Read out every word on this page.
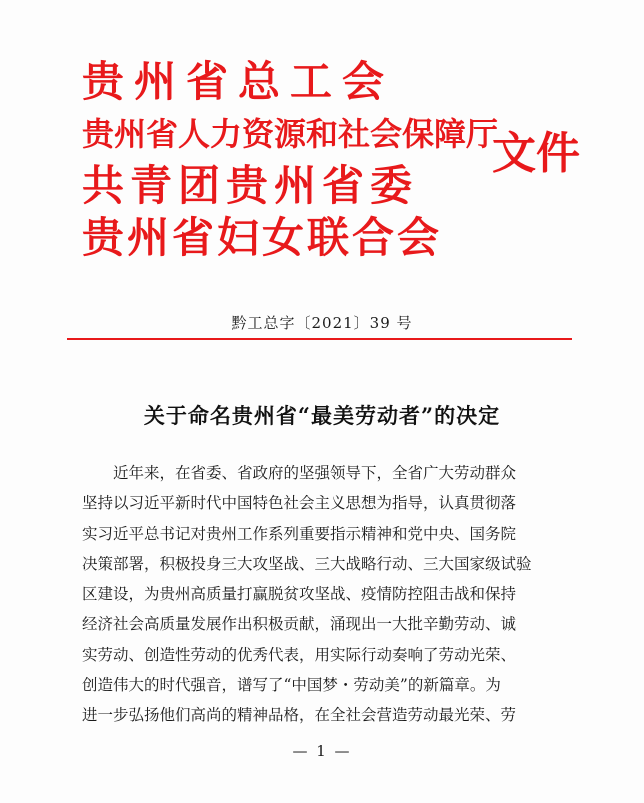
贵州省总工会
贵州省人力资源和社会保障厅
共青团贵州省委
贵州省妇女联合会
文件
黔工总字〔2021〕39 号
关于命名贵州省“最美劳动者”的决定
近年来，在省委、省政府的坚强领导下，全省广大劳动群众
坚持以习近平新时代中国特色社会主义思想为指导，认真贯彻落
实习近平总书记对贵州工作系列重要指示精神和党中央、国务院
决策部署，积极投身三大攻坚战、三大战略行动、三大国家级试验
区建设，为贵州高质量打赢脱贫攻坚战、疫情防控阻击战和保持
经济社会高质量发展作出积极贡献，涌现出一大批辛勤劳动、诚
实劳动、创造性劳动的优秀代表，用实际行动奏响了劳动光荣、
创造伟大的时代强音，谱写了“中国梦・劳动美”的新篇章。为
进一步弘扬他们高尚的精神品格，在全社会营造劳动最光荣、劳
— 1 —
